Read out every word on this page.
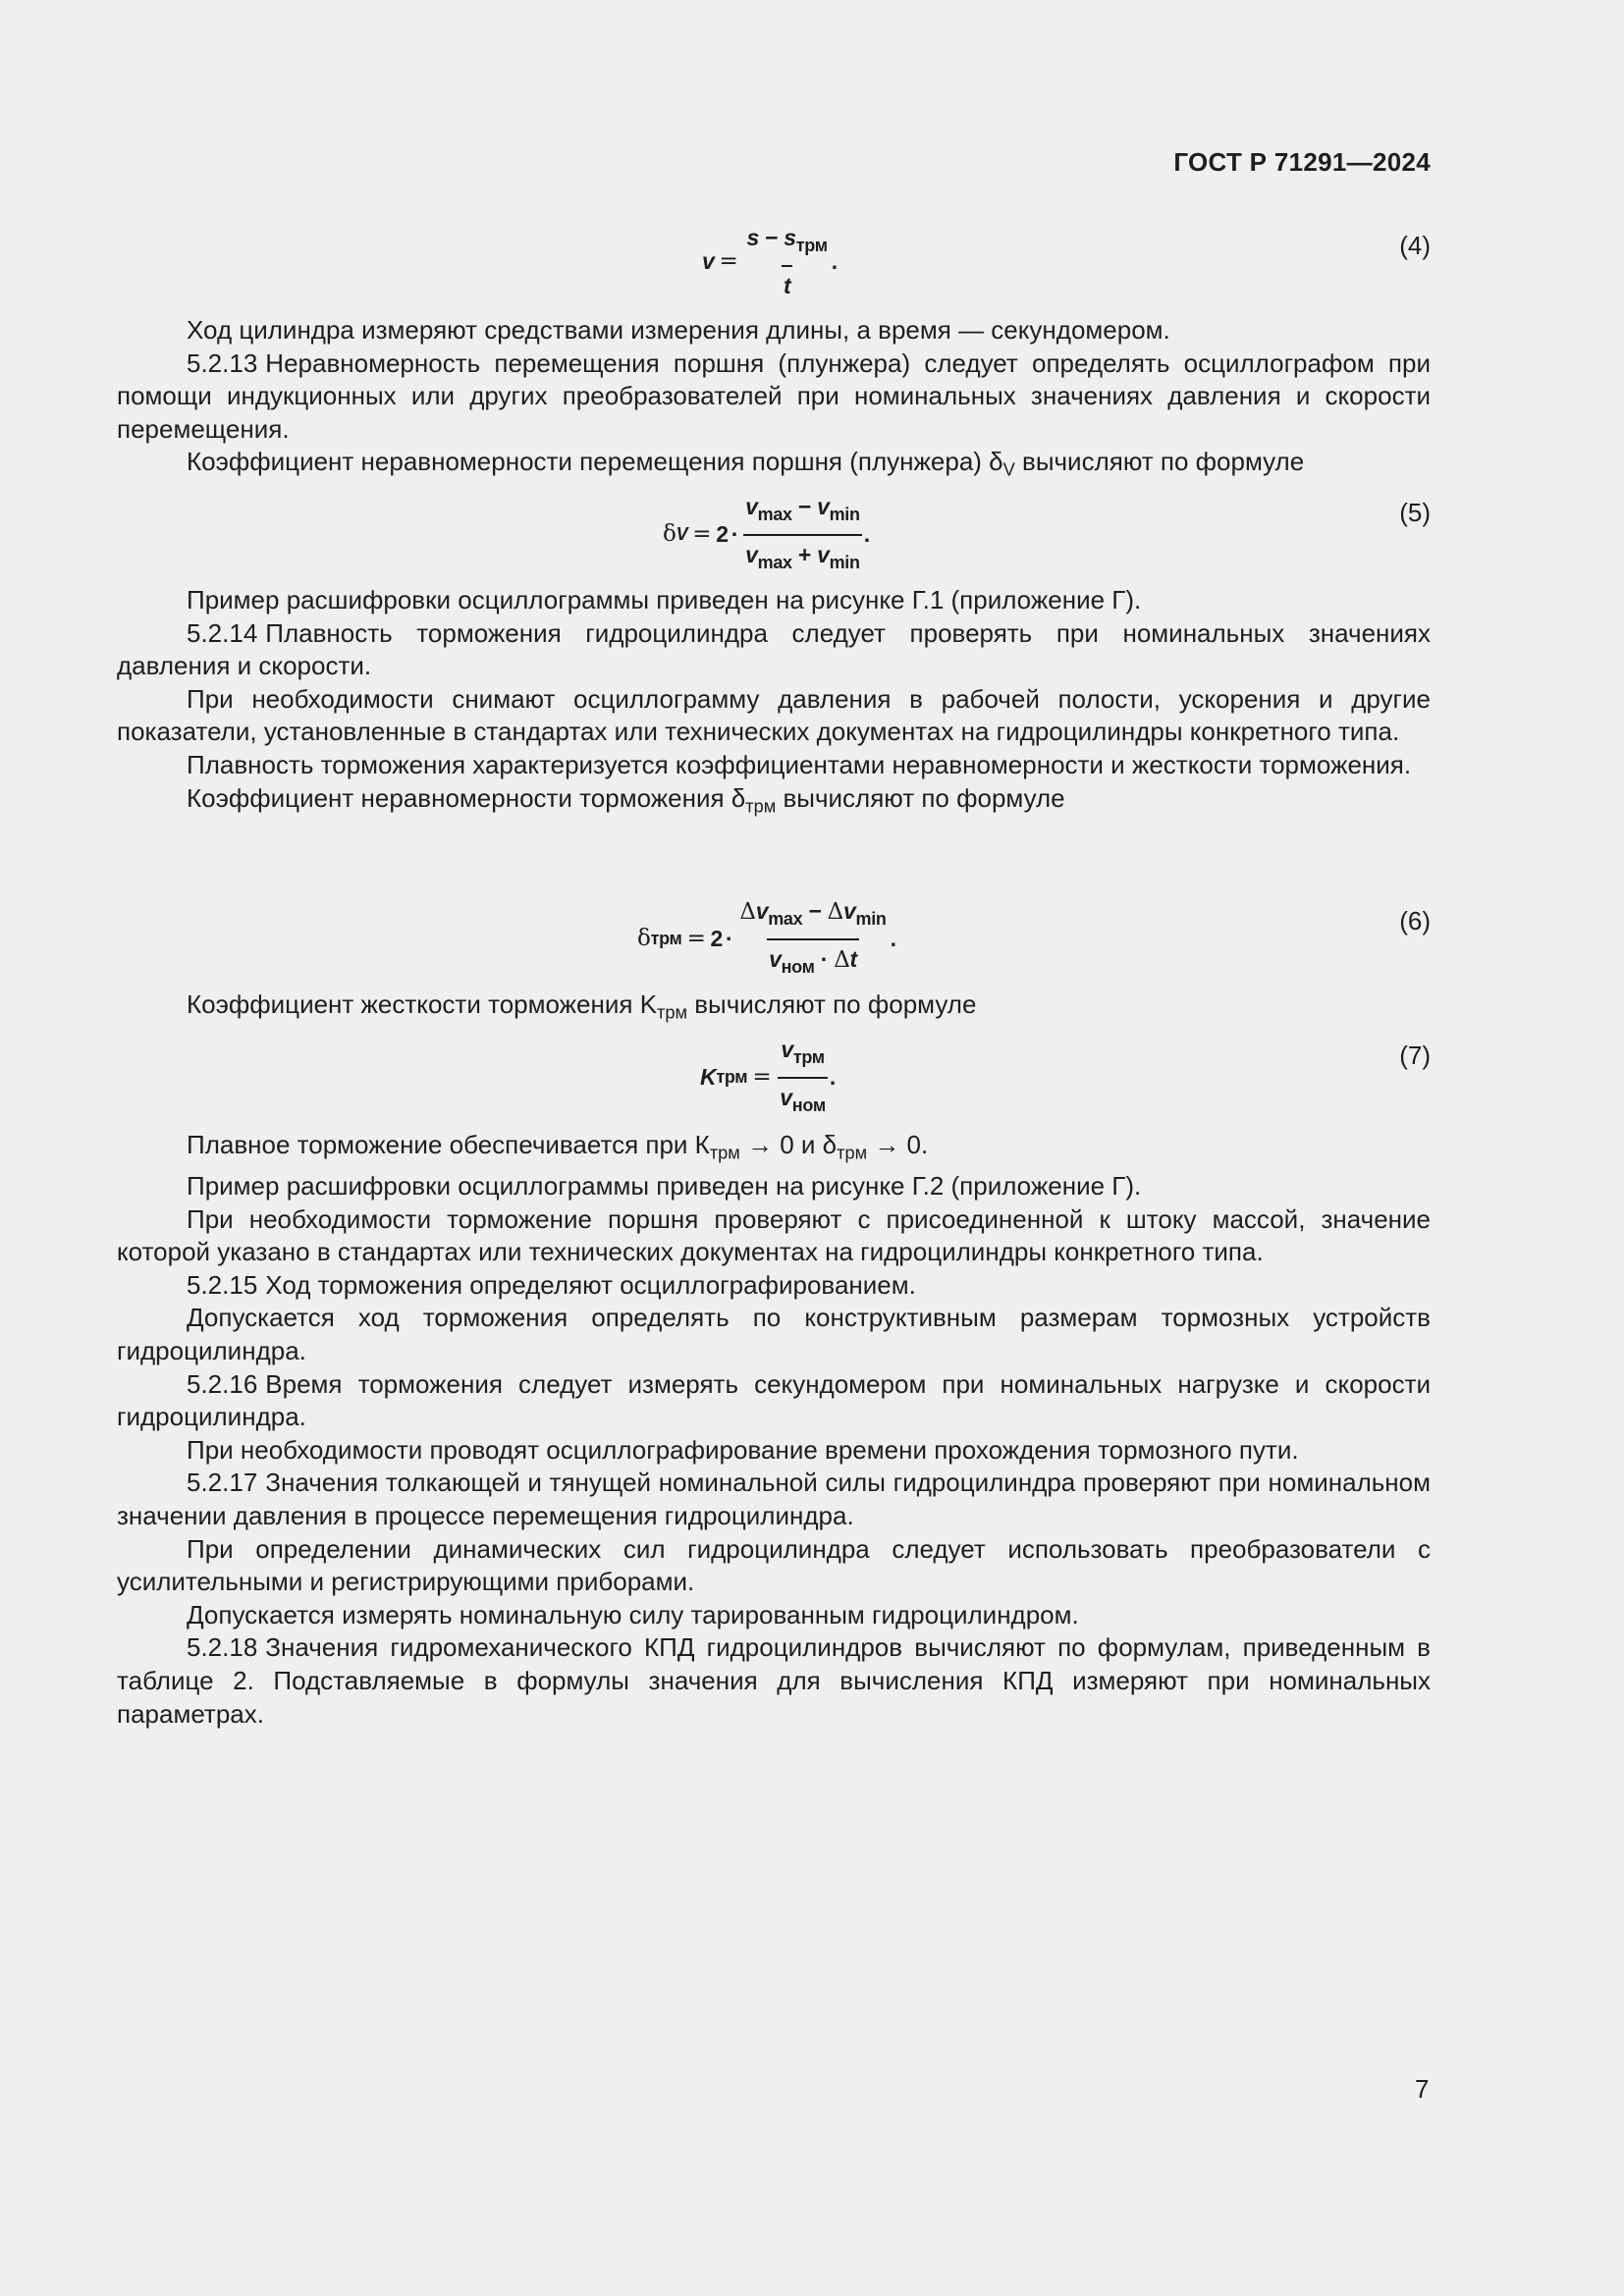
ГОСТ Р 71291—2024
$v = \frac{s - s_{трм}}{t}$ .
(4)

Ход цилиндра измеряют средствами измерения длины, а время — секундомером.

5.2.13 Неравномерность перемещения поршня (плунжера) следует определять осциллографом при помощи индукционных или других преобразователей при номинальных значениях давления и скорости перемещения.

Коэффициент неравномерности перемещения поршня (плунжера) $\delta_V$ вычисляют по формуле

δ $V = 2 \cdot \frac{v_{max} - v_{min}}{v_{max} + v_{min}}$ .
(5)

Пример расшифровки осциллограммы приведен на рисунке Г.1 (приложение Г).

5.2.14 Плавность торможения гидроцилиндра следует проверять при номинальных значениях давления и скорости.

При необходимости снимают осциллограмму давления в рабочей полости, ускорения и другие показатели, установленные в стандартах или технических документах на гидроцилиндры конкретного типа.

Плавность торможения характеризуется коэффициентами неравномерности и жесткости торможения.

Коэффициент неравномерности торможения $\delta_{трм}$ вычисляют по формуле

δ трм = $2 \cdot \frac{\Delta v_{max} - \Delta v_{min}}{v_{ном} \cdot \Delta t}$ .
(6)

Коэффициент жесткости торможения $K_{трм}$ вычисляют по формуле

K трм = $\frac{v_{трм}}{v_{ном}}$ .
(7)

Плавное торможение обеспечивается при $К_{трм} \to 0$ и $\delta_{трм} \to 0$.

Пример расшифровки осциллограммы приведен на рисунке Г.2 (приложение Г).

При необходимости торможение поршня проверяют с присоединенной к штоку массой, значение которой указано в стандартах или технических документах на гидроцилиндры конкретного типа.

5.2.15 Ход торможения определяют осциллографированием.

Допускается ход торможения определять по конструктивным размерам тормозных устройств гидроцилиндра.

5.2.16 Время торможения следует измерять секундомером при номинальных нагрузке и скорости гидроцилиндра.

При необходимости проводят осциллографирование времени прохождения тормозного пути.

5.2.17 Значения толкающей и тянущей номинальной силы гидроцилиндра проверяют при номинальном значении давления в процессе перемещения гидроцилиндра.

При определении динамических сил гидроцилиндра следует использовать преобразователи с усилительными и регистрирующими приборами.

Допускается измерять номинальную силу тарированным гидроцилиндром.

5.2.18 Значения гидромеханического КПД гидроцилиндров вычисляют по формулам, приведенным в таблице 2. Подставляемые в формулы значения для вычисления КПД измеряют при номинальных параметрах.

7
